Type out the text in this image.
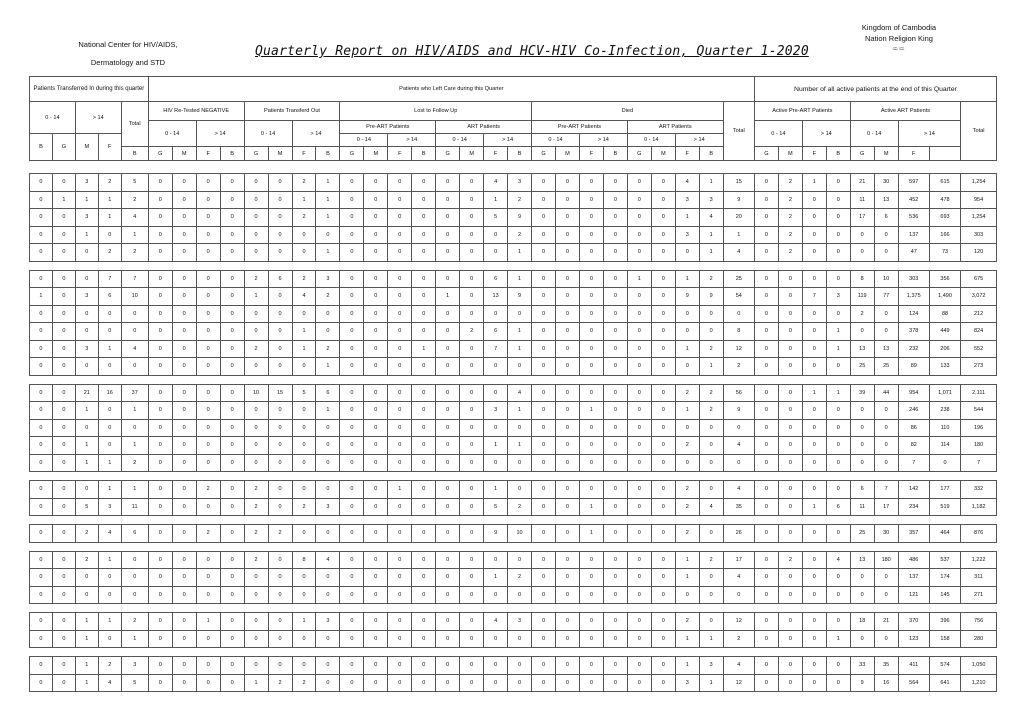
National Center for HIV/AIDS,
Dermatology and STD
Kingdom of Cambodia
Nation Religion King
ಯಯ
Quarterly Report on HIV/AIDS and HCV-HIV Co-Infection, Quarter 1-2020
Patients Transferred In during this quarter					Patients who Left Care during this Quarter																									Number of all active patients at the end of this Quarter								
0 - 14		> 14		Total	HIV Re-Tested NEGATIVE				Patients Transferd Out				Lost to Follow Up								Died								Total	Active Pre-ART Patients				Active ART Patients				Total
					0 - 14		> 14		0 - 14		> 14		Pre-ART Patients				ART Patients				Pre-ART Patients				ART Patients					0 - 14		> 14		0 - 14		> 14		
B	G	M	F										0 - 14		> 14		0 - 14		> 14		0 - 14		> 14		0 - 14		> 14											
				B	G	M	F	B	G	M	F	B	G	M	F	B	G	M	F	B	G	M	F	B	G	M	F	B		G	M	F	B	G	M	F		

0	0	3	2	5	0	0	0	0	0	0	2	1	0	0	0	0	0	0	4	3	0	0	0	0	0	0	4	1	15	0	2	1	0	21	30	597	615	1,254
0	1	1	1	2	0	0	0	0	0	0	1	1	0	0	0	0	0	0	1	2	0	0	0	0	0	0	3	3	9	0	2	0	0	11	13	452	478	954
0	0	3	1	4	0	0	0	0	0	0	2	1	0	0	0	0	0	0	5	9	0	0	0	0	0	0	1	4	20	0	2	0	0	17	6	536	693	1,254
0	0	1	0	1	0	0	0	0	0	0	0	0	0	0	0	0	0	0	0	2	0	0	0	0	0	0	3	1	1	0	2	0	0	0	0	137	166	303
0	0	0	2	2	0	0	0	0	0	0	0	1	0	0	0	0	0	0	0	1	0	0	0	0	0	0	0	1	4	0	2	0	0	0	0	47	73	120

0	0	0	7	7	0	0	0	0	2	6	2	3	0	0	0	0	0	0	6	1	0	0	0	0	1	0	1	2	25	0	0	0	0	8	10	303	356	675
1	0	3	6	10	0	0	0	0	1	0	4	2	0	0	0	0	1	0	13	9	0	0	0	0	0	0	9	9	54	0	0	7	3	119	77	1,375	1,490	3,072
0	0	0	0	0	0	0	0	0	0	0	0	0	0	0	0	0	0	0	0	0	0	0	0	0	0	0	0	0	0	0	0	0	0	2	0	124	88	212
0	0	0	0	0	0	0	0	0	0	0	1	0	0	0	0	0	0	2	6	1	0	0	0	0	0	0	0	0	8	0	0	0	1	0	0	378	449	824
0	0	3	1	4	0	0	0	0	2	0	1	2	0	0	0	1	0	0	7	1	0	0	0	0	0	0	1	2	12	0	0	0	1	13	13	232	206	552
0	0	0	0	0	0	0	0	0	0	0	0	1	0	0	0	0	0	0	0	0	0	0	0	0	0	0	0	1	2	0	0	0	0	25	25	89	133	273

0	0	21	16	37	0	0	0	0	10	15	5	6	0	0	0	0	0	0	0	4	0	0	0	0	0	0	2	2	56	0	0	1	1	39	44	954	1,071	2,111
0	0	1	0	1	0	0	0	0	0	0	0	1	0	0	0	0	0	0	3	1	0	0	1	0	0	0	1	2	9	0	0	0	0	0	0	246	238	544
0	0	0	0	0	0	0	0	0	0	0	0	0	0	0	0	0	0	0	0	0	0	0	0	0	0	0	0	0	0	0	0	0	0	0	0	86	110	196
0	0	1	0	1	0	0	0	0	0	0	0	0	0	0	0	0	0	0	1	1	0	0	0	0	0	0	2	0	4	0	0	0	0	0	0	82	114	180
0	0	1	1	2	0	0	0	0	0	0	0	0	0	0	0	0	0	0	0	0	0	0	0	0	0	0	0	0	0	0	0	0	0	0	0	7	0	7

0	0	0	1	1	0	0	2	0	2	0	0	0	0	0	1	0	0	0	1	0	0	0	0	0	0	0	2	0	4	0	0	0	0	6	7	142	177	332
0	0	5	3	11	0	0	0	0	2	0	2	3	0	0	0	0	0	0	5	2	0	0	1	0	0	0	2	4	35	0	0	1	6	11	17	234	519	1,182

0	0	2	4	6	0	0	2	0	2	2	0	0	0	0	0	0	0	0	9	10	0	0	1	0	0	0	2	0	26	0	0	0	0	25	30	357	464	876

0	0	2	1	0	0	0	0	0	2	0	8	4	0	0	0	0	0	0	0	0	0	0	0	0	0	0	1	2	17	0	2	0	4	13	180	486	537	1,222
0	0	0	0	0	0	0	0	0	0	0	0	0	0	0	0	0	0	0	1	2	0	0	0	0	0	0	1	0	4	0	0	0	0	0	0	137	174	311
0	0	0	0	0	0	0	0	0	0	0	0	0	0	0	0	0	0	0	0	0	0	0	0	0	0	0	0	0	0	0	0	0	0	0	0	121	145	271

0	0	1	1	2	0	0	1	0	0	0	1	3	0	0	0	0	0	0	4	3	0	0	0	0	0	0	2	0	12	0	0	0	0	18	21	370	396	756
0	0	1	0	1	0	0	0	0	0	0	0	0	0	0	0	0	0	0	0	0	0	0	0	0	0	0	1	1	2	0	0	0	1	0	0	123	158	280

0	0	1	2	3	0	0	0	0	0	0	0	0	0	0	0	0	0	0	0	0	0	0	0	0	0	0	1	3	4	0	0	0	0	33	35	411	574	1,050
0	0	1	4	5	0	0	0	0	1	2	2	0	0	0	0	0	0	0	0	0	0	0	0	0	0	0	3	1	12	0	0	0	0	9	16	564	641	1,210
